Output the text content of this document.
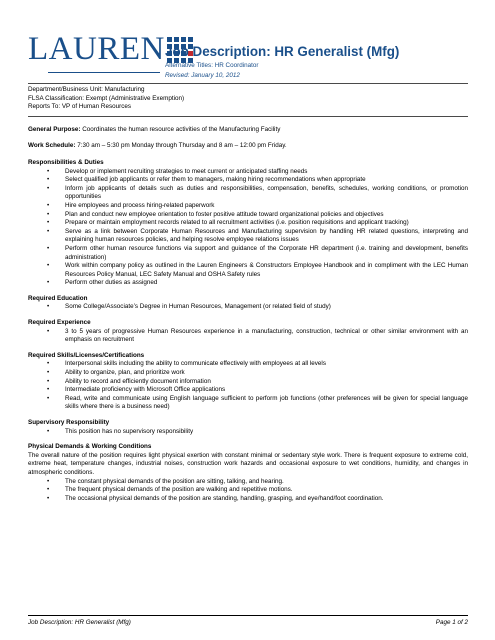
LAUREN Job Description: HR Generalist (Mfg)
Alternative Titles: HR Coordinator
Revised: January 10, 2012
Department/Business Unit: Manufacturing
FLSA Classification: Exempt (Administrative Exemption)
Reports To: VP of Human Resources
General Purpose: Coordinates the human resource activities of the Manufacturing Facility
Work Schedule: 7:30 am – 5:30 pm Monday through Thursday and 8 am – 12:00 pm Friday.
Responsibilities & Duties
• Develop or implement recruiting strategies to meet current or anticipated staffing needs
• Select qualified job applicants or refer them to managers, making hiring recommendations when appropriate
• Inform job applicants of details such as duties and responsibilities, compensation, benefits, schedules, working conditions, or promotion opportunities
• Hire employees and process hiring-related paperwork
• Plan and conduct new employee orientation to foster positive attitude toward organizational policies and objectives
• Prepare or maintain employment records related to all recruitment activities (i.e. position requisitions and applicant tracking)
• Serve as a link between Corporate Human Resources and Manufacturing supervision by handling HR related questions, interpreting and explaining human resources policies, and helping resolve employee relations issues
• Perform other human resource functions via support and guidance of the Corporate HR department (i.e. training and development, benefits administration)
• Work within company policy as outlined in the Lauren Engineers & Constructors Employee Handbook and in compliment with the LEC Human Resources Policy Manual, LEC Safety Manual and OSHA Safety rules
• Perform other duties as assigned
Required Education
• Some College/Associate’s Degree in Human Resources, Management (or related field of study)
Required Experience
• 3 to 5 years of progressive Human Resources experience in a manufacturing, construction, technical or other similar environment with an emphasis on recruitment
Required Skills/Licenses/Certifications
• Interpersonal skills including the ability to communicate effectively with employees at all levels
• Ability to organize, plan, and prioritize work
• Ability to record and efficiently document information
• Intermediate proficiency with Microsoft Office applications
• Read, write and communicate using English language sufficient to perform job functions (other preferences will be given for special language skills where there is a business need)
Supervisory Responsibility
• This position has no supervisory responsibility
Physical Demands & Working Conditions
The overall nature of the position requires light physical exertion with constant minimal or sedentary style work. There is frequent exposure to extreme cold, extreme heat, temperature changes, industrial noises, construction work hazards and occasional exposure to wet conditions, humidity, and changes in atmospheric conditions.
• The constant physical demands of the position are sitting, talking, and hearing.
• The frequent physical demands of the position are walking and repetitive motions.
• The occasional physical demands of the position are standing, handling, grasping, and eye/hand/foot coordination.
Job Description: HR Generalist (Mfg)	Page 1 of 2
